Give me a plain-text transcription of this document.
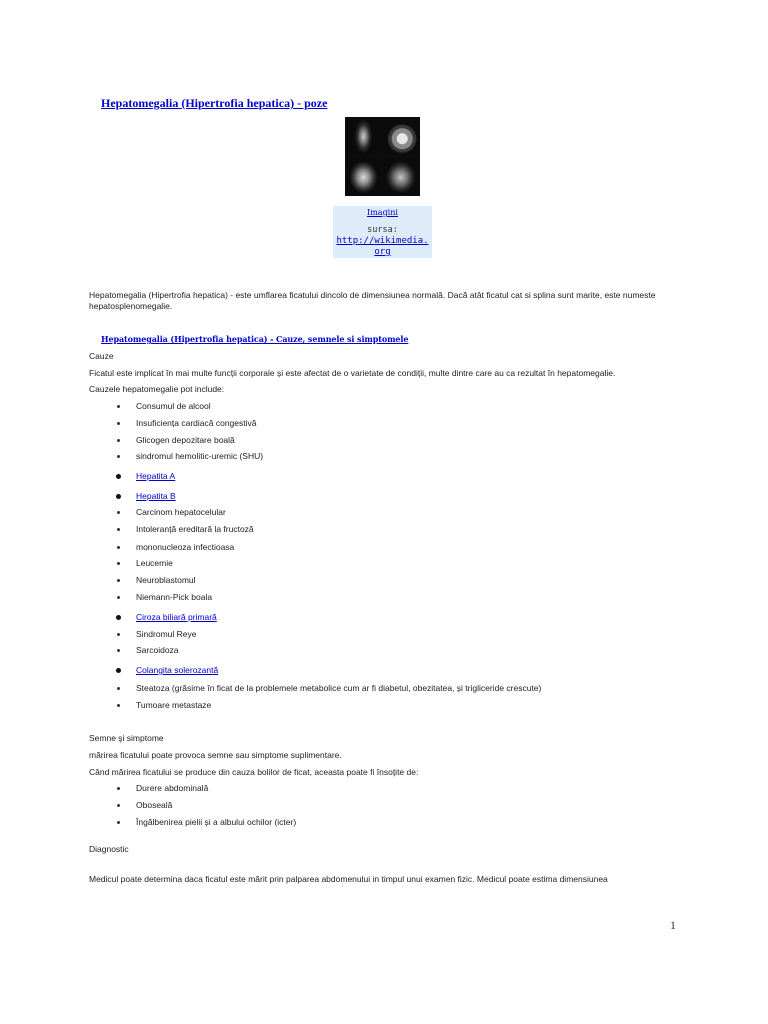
Hepatomegalia (Hipertrofia hepatica) - poze
Imagini
sursa:
http://wikimedia.org
Hepatomegalia (Hipertrofia hepatica) - este umflarea ficatului dincolo de dimensiunea normală. Dacă atât ficatul cat si splina sunt marite, este numeste hepatosplenomegalie.
Hepatomegalia (Hipertrofia hepatica) - Cauze, semnele si simptomele
Cauze
Ficatul este implicat în mai multe funcții corporale și este afectat de o varietate de condiții, multe dintre care au ca rezultat în hepatomegalie.
Cauzele hepatomegalie pot include:
Consumul de alcool
Insuficiența cardiacă congestivă
Glicogen depozitare boală
sindromul hemolitic-uremic (SHU)
Hepatita A
Hepatita B
Carcinom hepatocelular
Intoleranță ereditară la fructoză
mononucleoza infectioasa
Leucemie
Neuroblastomul
Niemann-Pick boala
Ciroza biliară primară
Sindromul Reye
Sarcoidoza
Colangita solerozantă
Steatoza (grăsime în ficat de la problemele metabolice cum ar fi diabetul, obezitatea, și trigliceride crescute)
Tumoare metastaze
Semne şi simptome
mărirea ficatului poate provoca semne sau simptome suplimentare.
Când mărirea ficatului se produce din cauza bolilor de ficat, aceasta poate fi însoțite de:
Durere abdominală
Oboseală
Îngălbenirea pielii și a albului ochilor (icter)
Diagnostic
Medicul poate determina daca ficatul este mărit prin palparea abdomenului in timpul unui examen fizic. Medicul poate estima dimensiunea
1
